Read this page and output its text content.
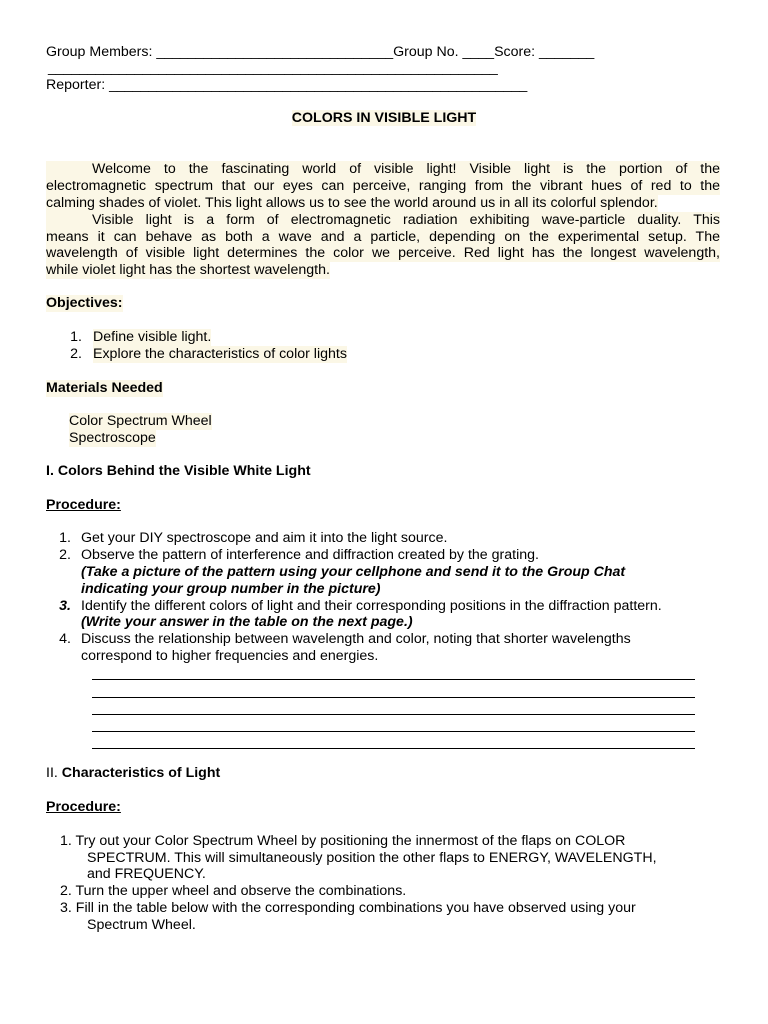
Group Members: ______________________________Group No. ____Score: _______
_________________________________________________________
Reporter: _____________________________________________________
COLORS IN VISIBLE LIGHT
Welcome to the fascinating world of visible light! Visible light is the portion of the
electromagnetic spectrum that our eyes can perceive, ranging from the vibrant hues of red to the
calming shades of violet. This light allows us to see the world around us in all its colorful splendor.
Visible light is a form of electromagnetic radiation exhibiting wave-particle duality. This
means it can behave as both a wave and a particle, depending on the experimental setup. The
wavelength of visible light determines the color we perceive. Red light has the longest wavelength,
while violet light has the shortest wavelength.
Objectives:
1. Define visible light.
2. Explore the characteristics of color lights
Materials Needed
Color Spectrum Wheel
Spectroscope
I. Colors Behind the Visible White Light
Procedure:
1. Get your DIY spectroscope and aim it into the light source.
2. Observe the pattern of interference and diffraction created by the grating.
(Take a picture of the pattern using your cellphone and send it to the Group Chat
indicating your group number in the picture)
3. Identify the different colors of light and their corresponding positions in the diffraction pattern.
(Write your answer in the table on the next page.)
4. Discuss the relationship between wavelength and color, noting that shorter wavelengths
correspond to higher frequencies and energies.
II. Characteristics of Light
Procedure:
1. Try out your Color Spectrum Wheel by positioning the innermost of the flaps on COLOR
SPECTRUM. This will simultaneously position the other flaps to ENERGY, WAVELENGTH,
and FREQUENCY.
2. Turn the upper wheel and observe the combinations.
3. Fill in the table below with the corresponding combinations you have observed using your
Spectrum Wheel.
